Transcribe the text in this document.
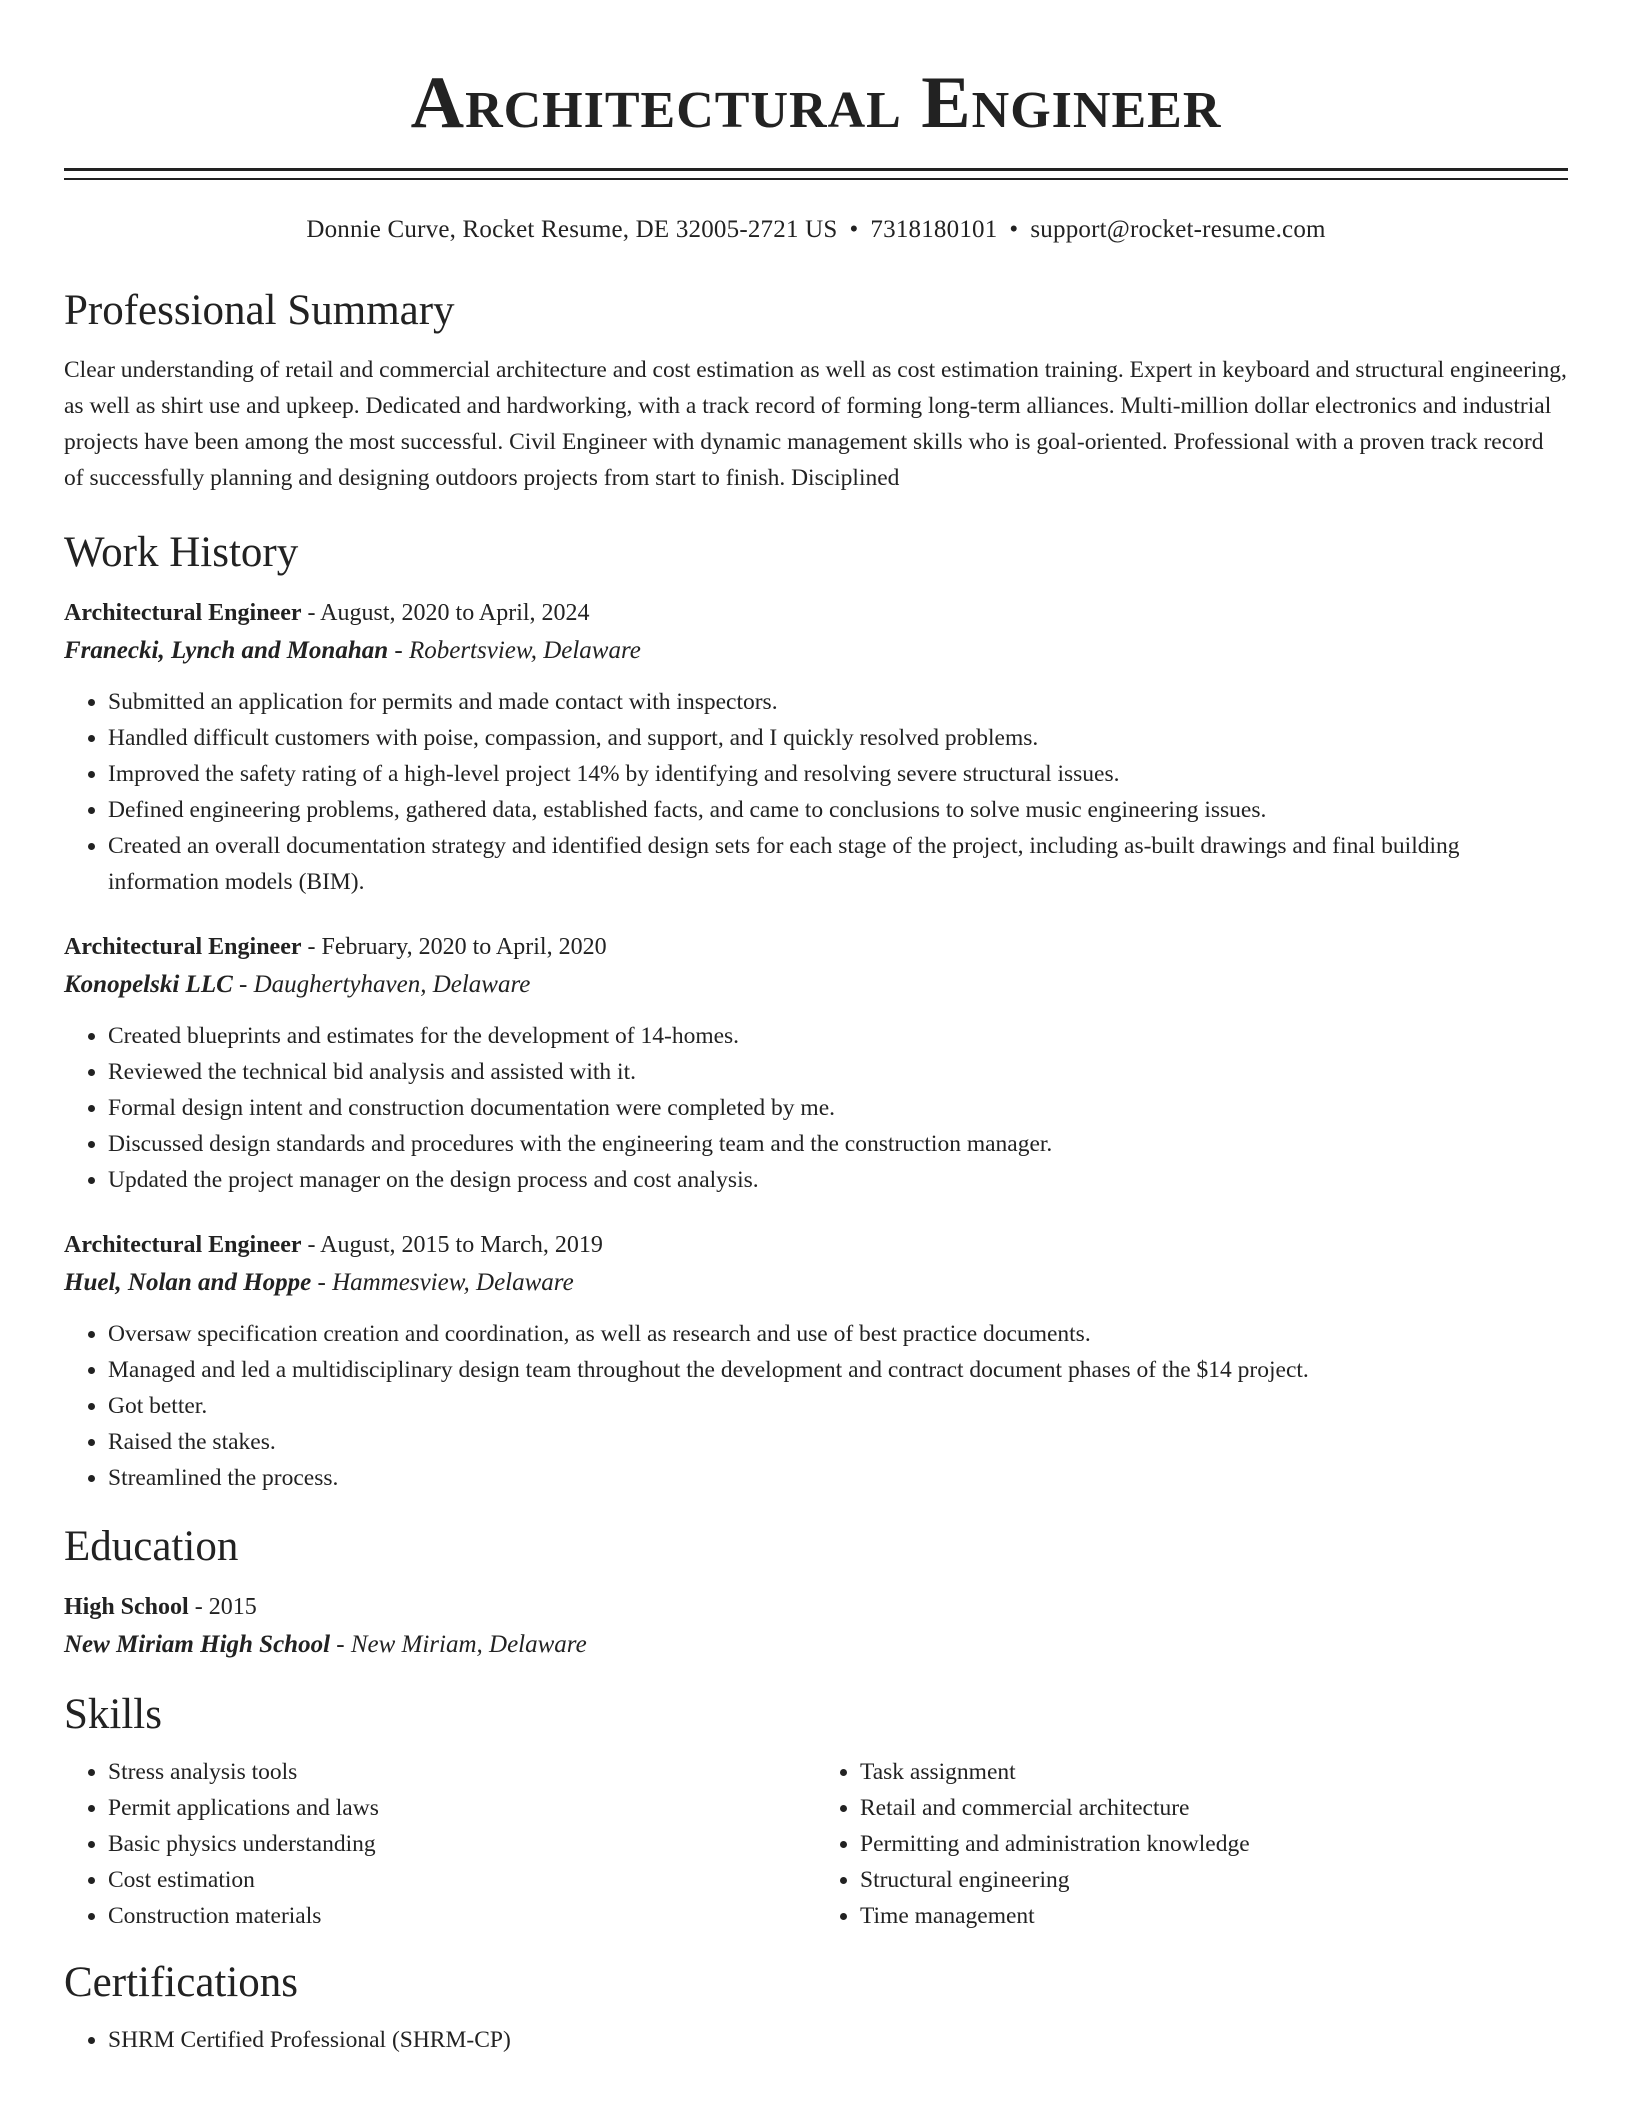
Architectural Engineer
Donnie Curve, Rocket Resume, DE 32005-2721 US • 7318180101 • support@rocket-resume.com
Professional Summary

Clear understanding of retail and commercial architecture and cost estimation as well as cost estimation training. Expert in keyboard and structural engineering, as well as shirt use and upkeep. Dedicated and hardworking, with a track record of forming long-term alliances. Multi-million dollar electronics and industrial projects have been among the most successful. Civil Engineer with dynamic management skills who is goal-oriented. Professional with a proven track record of successfully planning and designing outdoors projects from start to finish. Disciplined

Work History
Architectural Engineer - August, 2020 to April, 2024
Franecki, Lynch and Monahan - Robertsview, Delaware
• Submitted an application for permits and made contact with inspectors.
• Handled difficult customers with poise, compassion, and support, and I quickly resolved problems.
• Improved the safety rating of a high-level project 14% by identifying and resolving severe structural issues.
• Defined engineering problems, gathered data, established facts, and came to conclusions to solve music engineering issues.
• Created an overall documentation strategy and identified design sets for each stage of the project, including as-built drawings and final building information models (BIM).
Architectural Engineer - February, 2020 to April, 2020
Konopelski LLC - Daughertyhaven, Delaware
• Created blueprints and estimates for the development of 14-homes.
• Reviewed the technical bid analysis and assisted with it.
• Formal design intent and construction documentation were completed by me.
• Discussed design standards and procedures with the engineering team and the construction manager.
• Updated the project manager on the design process and cost analysis.
Architectural Engineer - August, 2015 to March, 2019
Huel, Nolan and Hoppe - Hammesview, Delaware
• Oversaw specification creation and coordination, as well as research and use of best practice documents.
• Managed and led a multidisciplinary design team throughout the development and contract document phases of the $14 project.
• Got better.
• Raised the stakes.
• Streamlined the process.
Education
High School - 2015
New Miriam High School - New Miriam, Delaware
Skills
• Stress analysis tools
• Permit applications and laws
• Basic physics understanding
• Cost estimation
• Construction materials
• Task assignment
• Retail and commercial architecture
• Permitting and administration knowledge
• Structural engineering
• Time management
Certifications
• SHRM Certified Professional (SHRM-CP)
